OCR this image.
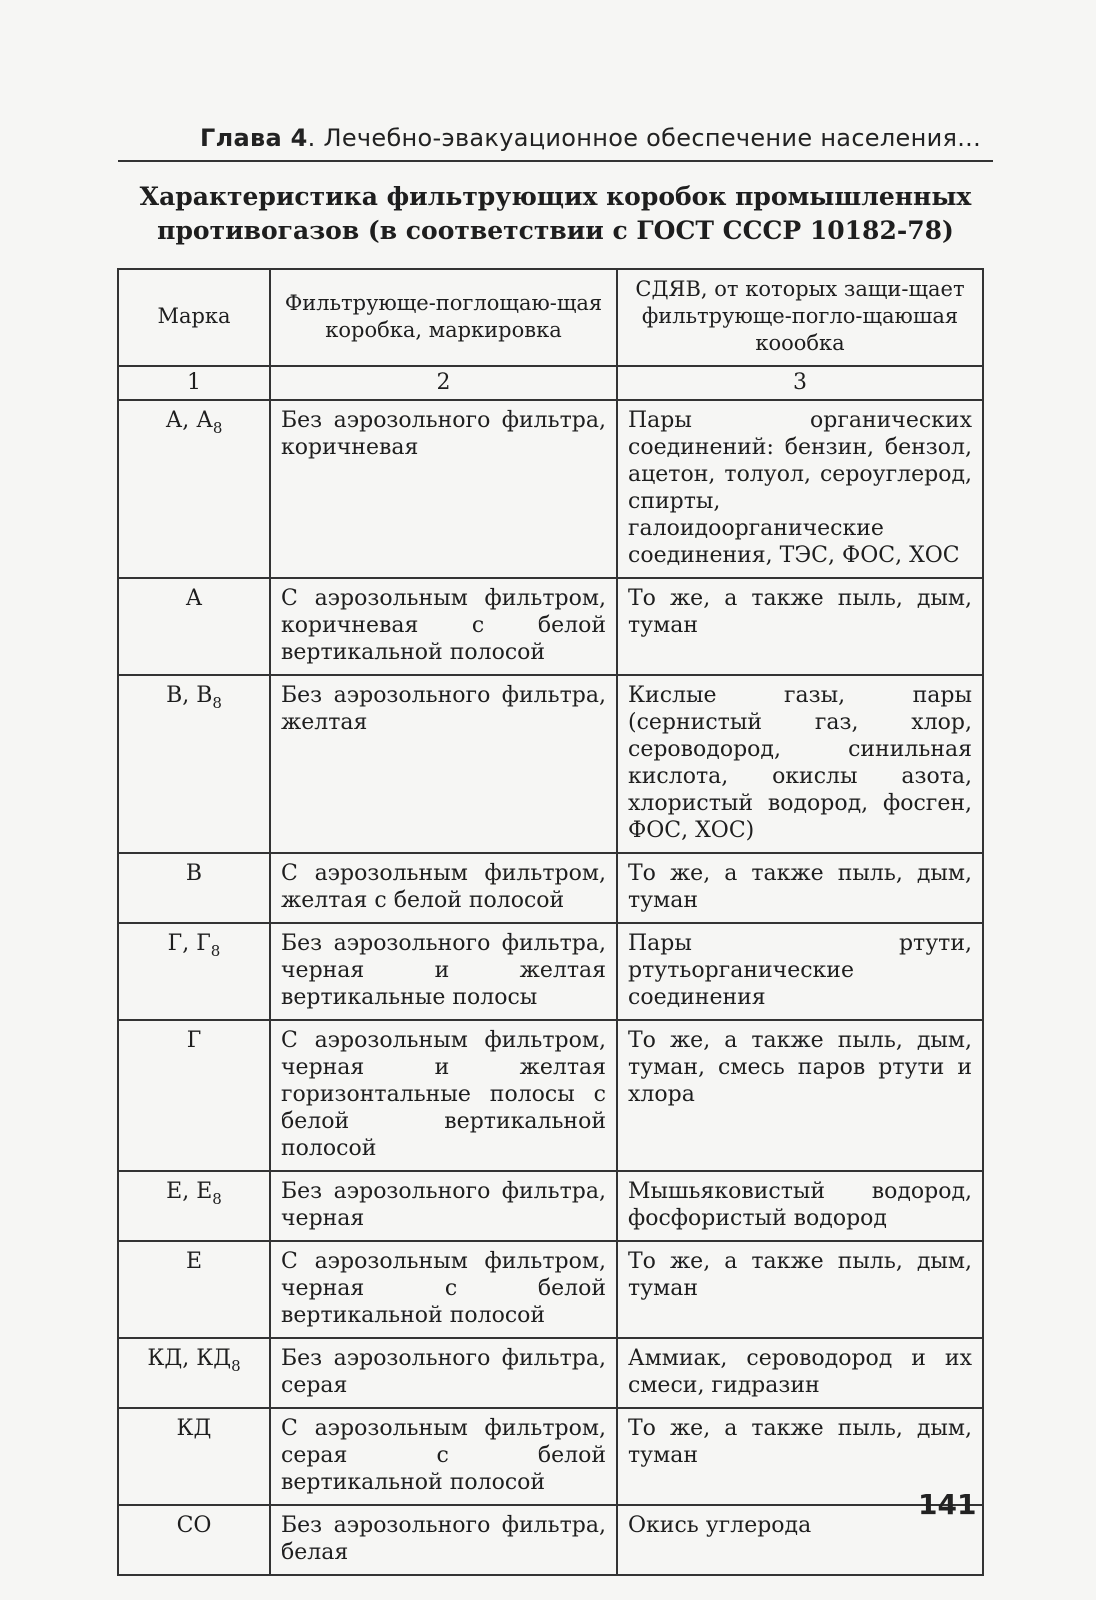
Глава 4. Лечебно-эвакуационное обеспечение населения...
Характеристика фильтрующих коробок промышленных
противогазов (в соответствии с ГОСТ СССР 10182-78)
Марка	Фильтрующе-поглощаю-щая коробка, маркировка	СДЯВ, от которых защи-щает фильтрующе-погло-щаюшая коообка
1	2	3
А, $А_8$	Без аэрозольного фильтра, коричневая	Пары органических соединений: бензин, бензол, ацетон, толуол, сероуглерод, спирты, галоидоорганические соединения, ТЭС, ФОС, ХОС
А	С аэрозольным фильтром, коричневая с белой вертикальной полосой	То же, а также пыль, дым, туман
В, $В_8$	Без аэрозольного фильтра, желтая	Кислые газы, пары (сернистый газ, хлор, сероводород, синильная кислота, окислы азота, хлористый водород, фосген, ФОС, ХОС)
В	С аэрозольным фильтром, желтая с белой полосой	То же, а также пыль, дым, туман
Г, $Г_8$	Без аэрозольного фильтра, черная и желтая вертикальные полосы	Пары ртути, ртутьорганические соединения
Г	С аэрозольным фильтром, черная и желтая горизонтальные полосы с белой вертикальной полосой	То же, а также пыль, дым, туман, смесь паров ртути и хлора
Е, $Е_8$	Без аэрозольного фильтра, черная	Мышьяковистый водород, фосфористый водород
Е	С аэрозольным фильтром, черная с белой вертикальной полосой	То же, а также пыль, дым, туман
КД, $КД_8$	Без аэрозольного фильтра, серая	Аммиак, сероводород и их смеси, гидразин
КД	С аэрозольным фильтром, серая с белой вертикальной полосой	То же, а также пыль, дым, туман
СО	Без аэрозольного фильтра, белая	Окись углерода
141
